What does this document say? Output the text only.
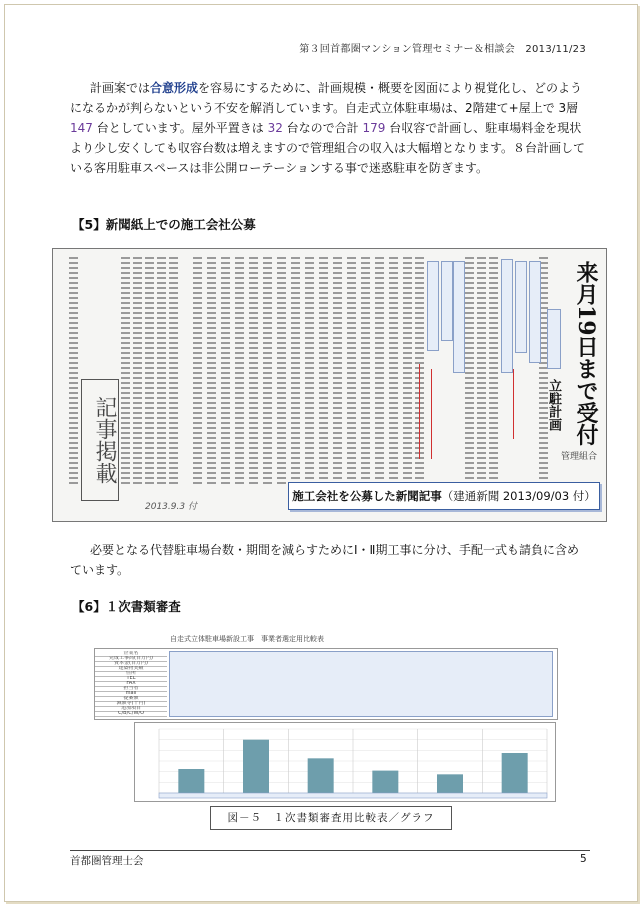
第３回首都圏マンション管理セミナー＆相談会　2013/11/23
計画案では合意形成を容易にするために、計画規模・概要を図面により視覚化し、どのようになるかが判らないという不安を解消しています。自走式立体駐車場は、2階建て+屋上で 3層 147 台としています。屋外平置きは 32 台なので合計 179 台収容で計画し、駐車場料金を現状より少し安くしても収容台数は増えますので管理組合の収入は大幅増となります。８台計画している客用駐車スペースは非公開ローテーションする事で迷惑駐車を防ぎます。
【5】新聞紙上での施工会社公募
記事掲載
2013.9.3 付
来月19日まで受付
立駐計画
管理組合
施工会社を公募した新聞記事（建通新聞 2013/09/03 付）
必要となる代替駐車場台数・期間を減らすためにⅠ・Ⅱ期工事に分け、手配一式も請負に含めています。
【6】１次書類審査
自走式立体駐車場新設工事　事業者選定用比較表
企業名
完成工事高(百万円)
資本金(百万円)
建築物実績
住所
TEL
FAX
担当者
mail
提案額
減額等(千円)
追加項目
C/B/C/W/O
図－５　１次書類審査用比較表／グラフ
首都圏管理士会	5
